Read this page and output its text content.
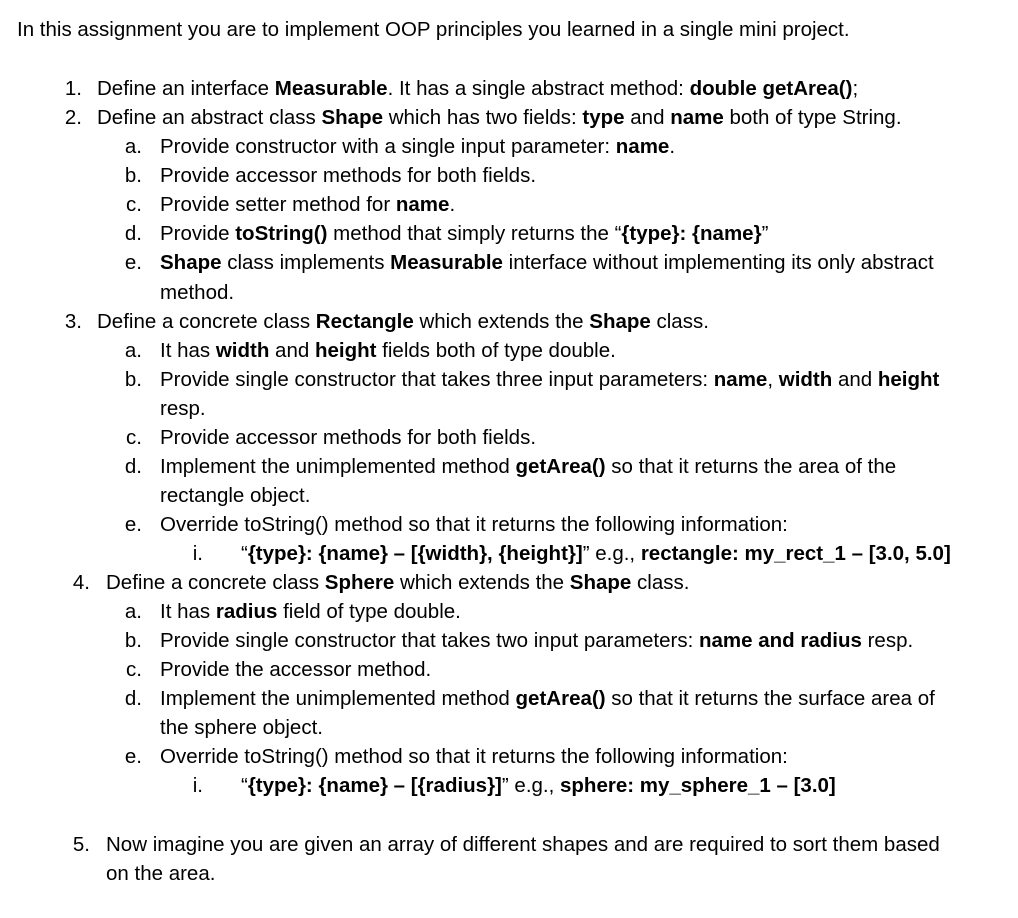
In this assignment you are to implement OOP principles you learned in a single mini project.
1. Define an interface Measurable. It has a single abstract method: double getArea();
2. Define an abstract class Shape which has two fields: type and name both of type String.
a. Provide constructor with a single input parameter: name.
b. Provide accessor methods for both fields.
c. Provide setter method for name.
d. Provide toString() method that simply returns the “{type}: {name}”
e. Shape class implements Measurable interface without implementing its only abstract
method.
3. Define a concrete class Rectangle which extends the Shape class.
a. It has width and height fields both of type double.
b. Provide single constructor that takes three input parameters: name, width and height
resp.
c. Provide accessor methods for both fields.
d. Implement the unimplemented method getArea() so that it returns the area of the
rectangle object.
e. Override toString() method so that it returns the following information:
i. “{type}: {name} – [{width}, {height}]” e.g., rectangle: my_rect_1 – [3.0, 5.0]
4. Define a concrete class Sphere which extends the Shape class.
a. It has radius field of type double.
b. Provide single constructor that takes two input parameters: name and radius resp.
c. Provide the accessor method.
d. Implement the unimplemented method getArea() so that it returns the surface area of
the sphere object.
e. Override toString() method so that it returns the following information:
i. “{type}: {name} – [{radius}]” e.g., sphere: my_sphere_1 – [3.0]
5. Now imagine you are given an array of different shapes and are required to sort them based
on the area.
